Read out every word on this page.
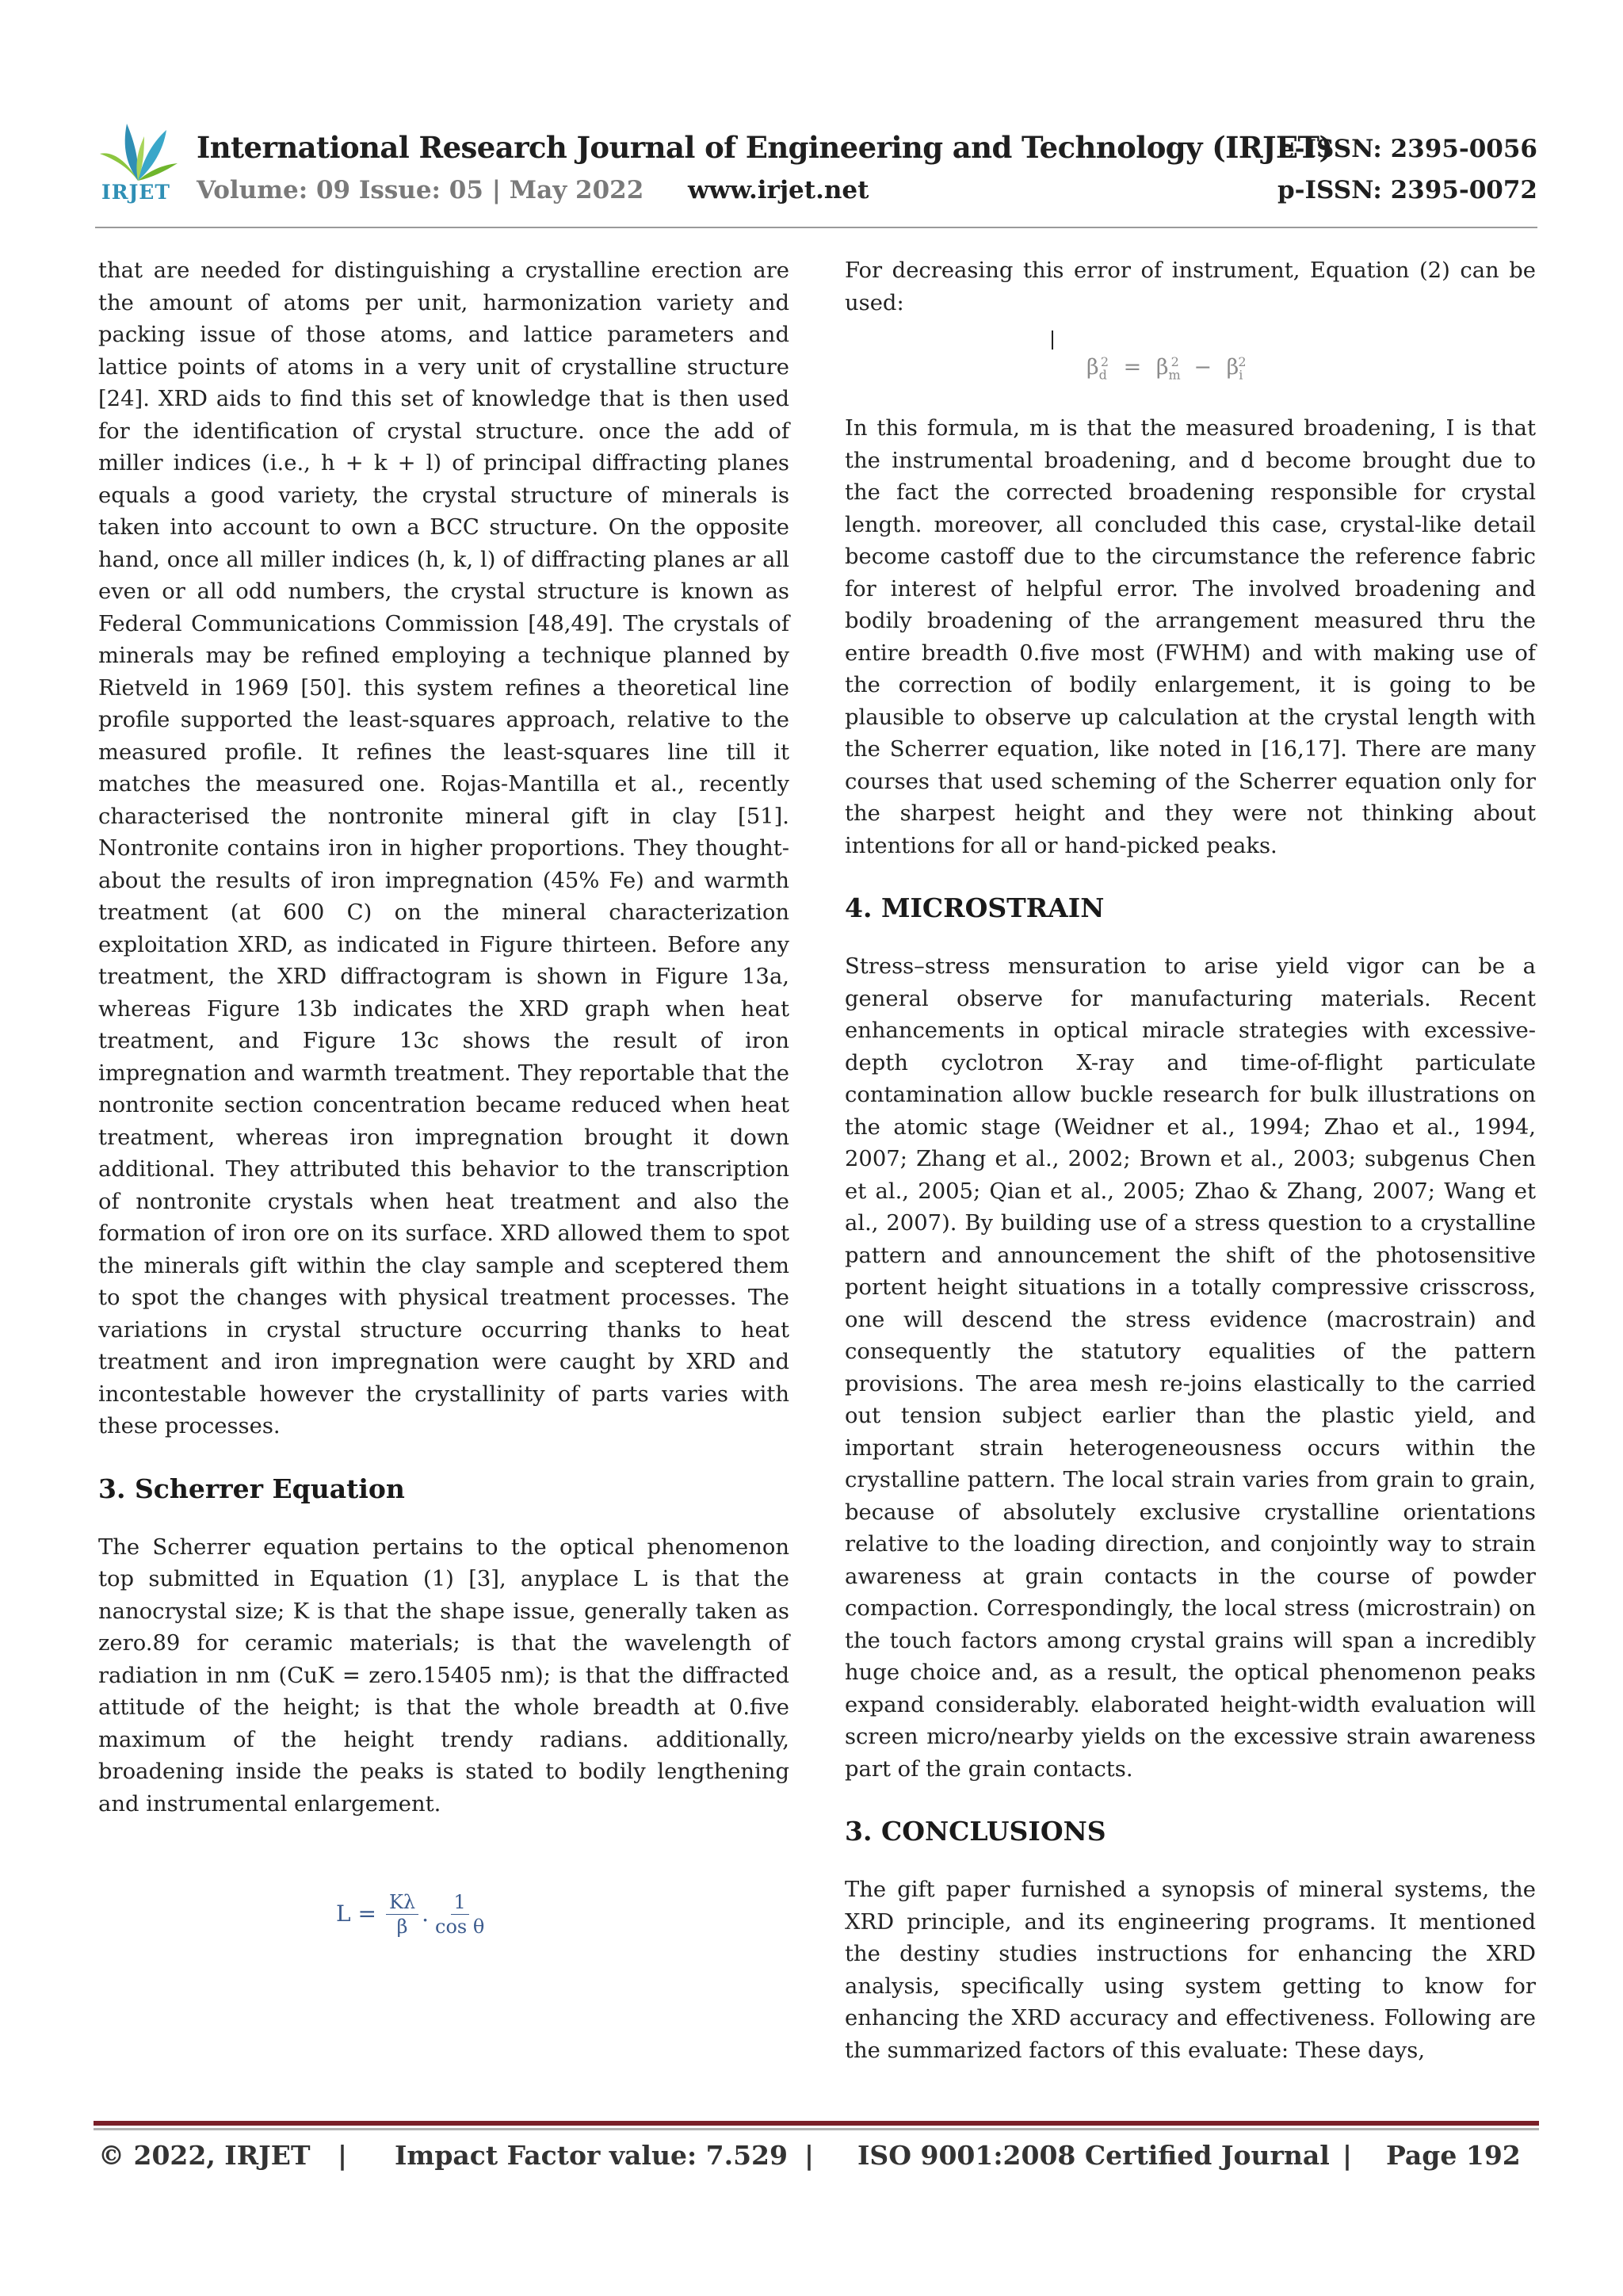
IRJET
International Research Journal of Engineering and Technology (IRJET)
Volume: 09 Issue: 05 | May 2022 www.irjet.net
e-ISSN: 2395-0056
p-ISSN: 2395-0072

that are needed for distinguishing a crystalline erection are the amount of atoms per unit, harmonization variety and packing issue of those atoms, and lattice parameters and lattice points of atoms in a very unit of crystalline structure [24]. XRD aids to find this set of knowledge that is then used for the identification of crystal structure. once the add of miller indices (i.e., h + k + l) of principal diffracting planes equals a good variety, the crystal structure of minerals is taken into account to own a BCC structure. On the opposite hand, once all miller indices (h, k, l) of diffracting planes ar all even or all odd numbers, the crystal structure is known as Federal Communications Commission [48,49]. The crystals of minerals may be refined employing a technique planned by Rietveld in 1969 [50]. this system refines a theoretical line profile supported the least-squares approach, relative to the measured profile. It refines the least-squares line till it matches the measured one. Rojas-Mantilla et al., recently characterised the nontronite mineral gift in clay [51]. Nontronite contains iron in higher proportions. They thought-about the results of iron impregnation (45% Fe) and warmth treatment (at 600 C) on the mineral characterization exploitation XRD, as indicated in Figure thirteen. Before any treatment, the XRD diffractogram is shown in Figure 13a, whereas Figure 13b indicates the XRD graph when heat treatment, and Figure 13c shows the result of iron impregnation and warmth treatment. They reportable that the nontronite section concentration became reduced when heat treatment, whereas iron impregnation brought it down additional. They attributed this behavior to the transcription of nontronite crystals when heat treatment and also the formation of iron ore on its surface. XRD allowed them to spot the minerals gift within the clay sample and sceptered them to spot the changes with physical treatment processes. The variations in crystal structure occurring thanks to heat treatment and iron impregnation were caught by XRD and incontestable however the crystallinity of parts varies with these processes.

3. Scherrer Equation

The Scherrer equation pertains to the optical phenomenon top submitted in Equation (1) [3], anyplace L is that the nanocrystal size; K is that the shape issue, generally taken as zero.89 for ceramic materials; is that the wavelength of radiation in nm (CuK = zero.15405 nm); is that the diffracted attitude of the height; is that the whole breadth at 0.five maximum of the height trendy radians. additionally, broadening inside the peaks is stated to bodily lengthening and instrumental enlargement.

$L = \frac{K\lambda}{\beta}$ . $\frac{1}{\text{cos θ}}$

For decreasing this error of instrument, Equation (2) can be used:

$\beta_d^2 = \beta_m^2 - \beta_i^2$

In this formula, m is that the measured broadening, I is that the instrumental broadening, and d become brought due to the fact the corrected broadening responsible for crystal length. moreover, all concluded this case, crystal-like detail become castoff due to the circumstance the reference fabric for interest of helpful error. The involved broadening and bodily broadening of the arrangement measured thru the entire breadth 0.five most (FWHM) and with making use of the correction of bodily enlargement, it is going to be plausible to observe up calculation at the crystal length with the Scherrer equation, like noted in [16,17]. There are many courses that used scheming of the Scherrer equation only for the sharpest height and they were not thinking about intentions for all or hand-picked peaks.

4. MICROSTRAIN

Stress–stress mensuration to arise yield vigor can be a general observe for manufacturing materials. Recent enhancements in optical miracle strategies with excessive-depth cyclotron X-ray and time-of-flight particulate contamination allow buckle research for bulk illustrations on the atomic stage (Weidner et al., 1994; Zhao et al., 1994, 2007; Zhang et al., 2002; Brown et al., 2003; subgenus Chen et al., 2005; Qian et al., 2005; Zhao & Zhang, 2007; Wang et al., 2007). By building use of a stress question to a crystalline pattern and announcement the shift of the photosensitive portent height situations in a totally compressive crisscross, one will descend the stress evidence (macrostrain) and consequently the statutory equalities of the pattern provisions. The area mesh re-joins elastically to the carried out tension subject earlier than the plastic yield, and important strain heterogeneousness occurs within the crystalline pattern. The local strain varies from grain to grain, because of absolutely exclusive crystalline orientations relative to the loading direction, and conjointly way to strain awareness at grain contacts in the course of powder compaction. Correspondingly, the local stress (microstrain) on the touch factors among crystal grains will span a incredibly huge choice and, as a result, the optical phenomenon peaks expand considerably. elaborated height-width evaluation will screen micro/nearby yields on the excessive strain awareness part of the grain contacts.

3. CONCLUSIONS

The gift paper furnished a synopsis of mineral systems, the XRD principle, and its engineering programs. It mentioned the destiny studies instructions for enhancing the XRD analysis, specifically using system getting to know for enhancing the XRD accuracy and effectiveness. Following are the summarized factors of this evaluate: These days,

© 2022, IRJET | Impact Factor value: 7.529 | ISO 9001:2008 Certified Journal | Page 192
